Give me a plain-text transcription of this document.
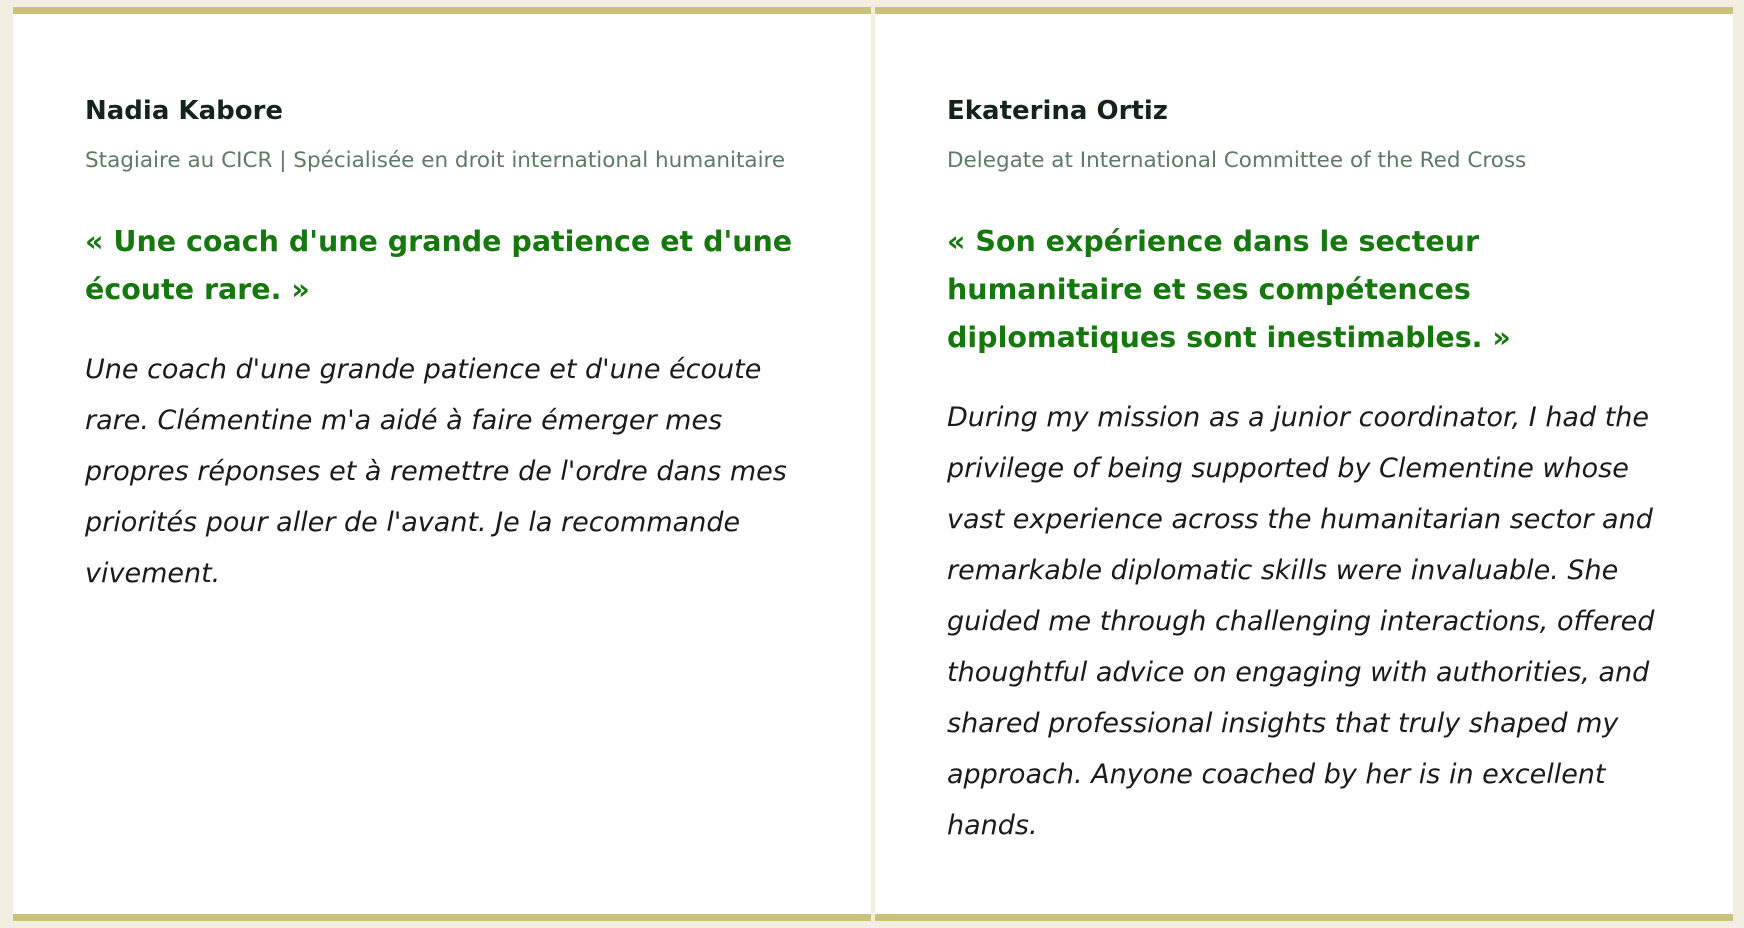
Nadia Kabore
Stagiaire au CICR | Spécialisée en droit international humanitaire
« Une coach d'une grande patience et d'une écoute rare. »
Une coach d'une grande patience et d'une écoute rare. Clémentine m'a aidé à faire émerger mes propres réponses et à remettre de l'ordre dans mes priorités pour aller de l'avant. Je la recommande vivement.
Ekaterina Ortiz
Delegate at International Committee of the Red Cross
« Son expérience dans le secteur humanitaire et ses compétences diplomatiques sont inestimables. »
During my mission as a junior coordinator, I had the privilege of being supported by Clementine whose vast experience across the humanitarian sector and remarkable diplomatic skills were invaluable. She guided me through challenging interactions, offered thoughtful advice on engaging with authorities, and shared professional insights that truly shaped my approach. Anyone coached by her is in excellent hands.
